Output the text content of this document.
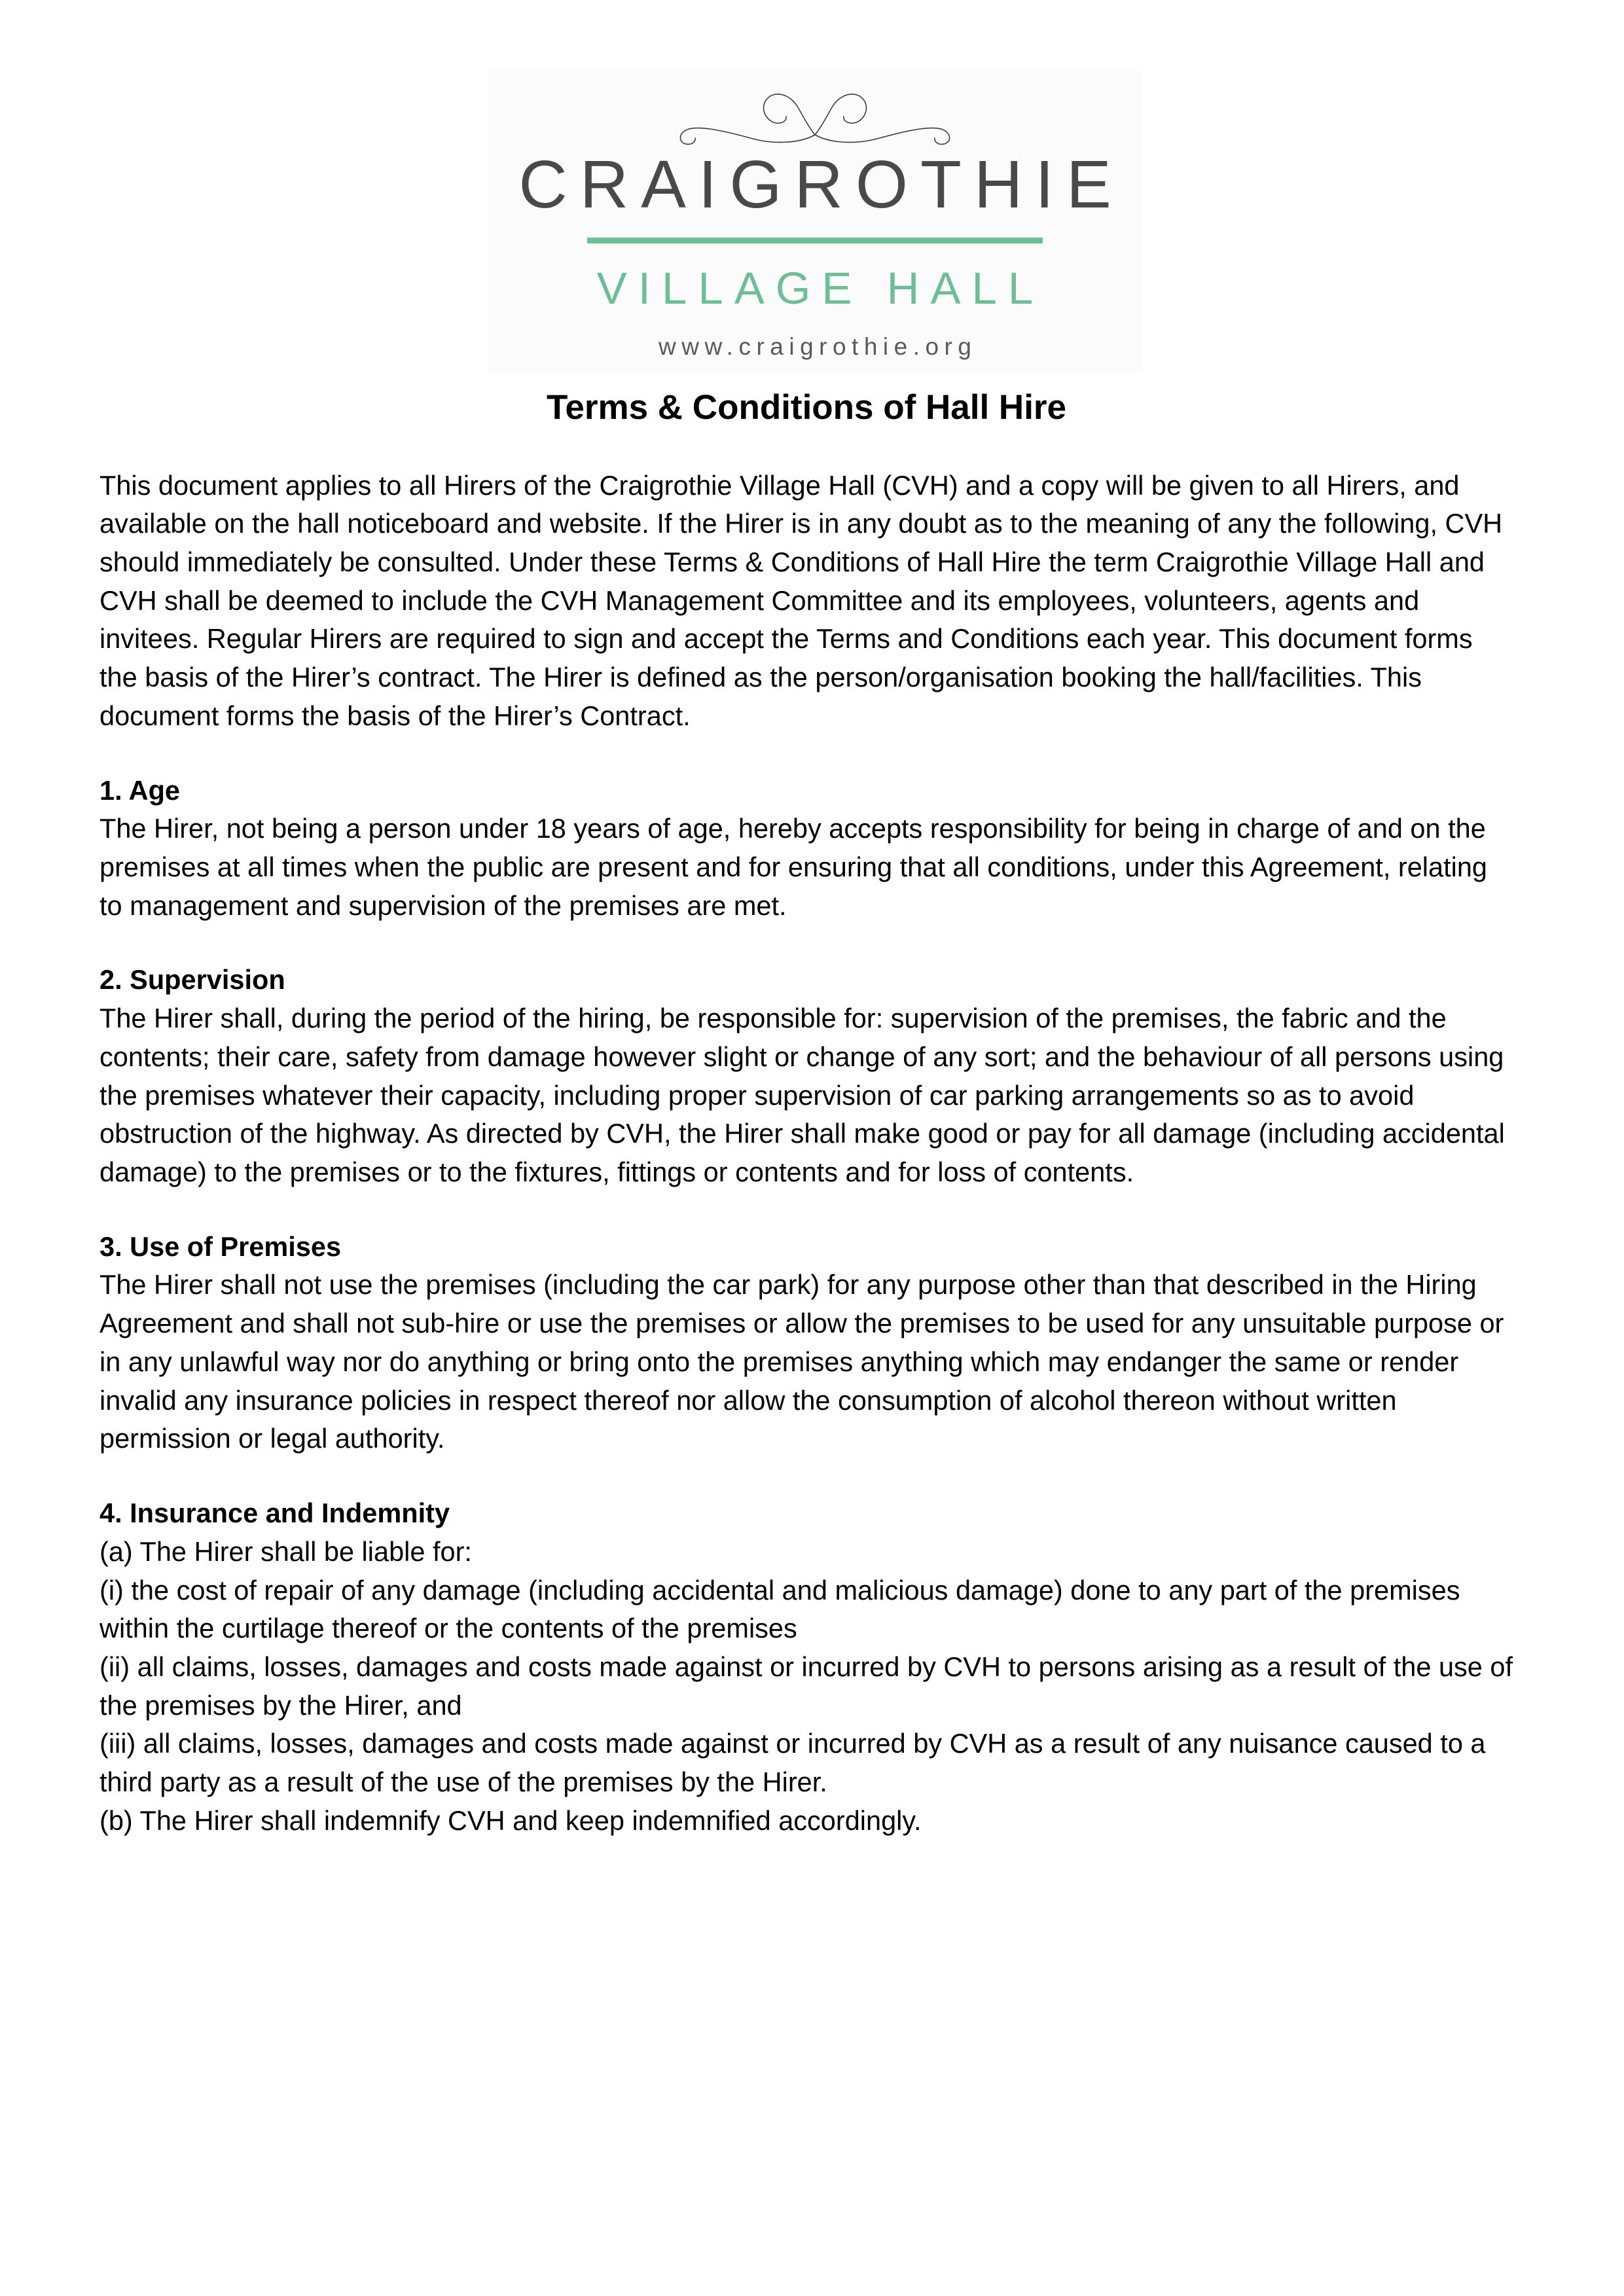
CRAIGROTHIE
VILLAGE HALL
www.craigrothie.org
Terms & Conditions of Hall Hire

This document applies to all Hirers of the Craigrothie Village Hall (CVH) and a copy will be given to all Hirers, and available on the hall noticeboard and website. If the Hirer is in any doubt as to the meaning of any the following, CVH should immediately be consulted. Under these Terms & Conditions of Hall Hire the term Craigrothie Village Hall and CVH shall be deemed to include the CVH Management Committee and its employees, volunteers, agents and invitees. Regular Hirers are required to sign and accept the Terms and Conditions each year. This document forms the basis of the Hirer’s contract. The Hirer is defined as the person/organisation booking the hall/facilities. This document forms the basis of the Hirer’s Contract.

1. Age
The Hirer, not being a person under 18 years of age, hereby accepts responsibility for being in charge of and on the premises at all times when the public are present and for ensuring that all conditions, under this Agreement, relating to management and supervision of the premises are met.
2. Supervision
The Hirer shall, during the period of the hiring, be responsible for: supervision of the premises, the fabric and the contents; their care, safety from damage however slight or change of any sort; and the behaviour of all persons using the premises whatever their capacity, including proper supervision of car parking arrangements so as to avoid obstruction of the highway. As directed by CVH, the Hirer shall make good or pay for all damage (including accidental damage) to the premises or to the fixtures, fittings or contents and for loss of contents.
3. Use of Premises
The Hirer shall not use the premises (including the car park) for any purpose other than that described in the Hiring Agreement and shall not sub-hire or use the premises or allow the premises to be used for any unsuitable purpose or in any unlawful way nor do anything or bring onto the premises anything which may endanger the same or render invalid any insurance policies in respect thereof nor allow the consumption of alcohol thereon without written permission or legal authority.
4. Insurance and Indemnity
(a) The Hirer shall be liable for:
(i) the cost of repair of any damage (including accidental and malicious damage) done to any part of the premises within the curtilage thereof or the contents of the premises
(ii) all claims, losses, damages and costs made against or incurred by CVH to persons arising as a result of the use of the premises by the Hirer, and
(iii) all claims, losses, damages and costs made against or incurred by CVH as a result of any nuisance caused to a third party as a result of the use of the premises by the Hirer.
(b) The Hirer shall indemnify CVH and keep indemnified accordingly.
